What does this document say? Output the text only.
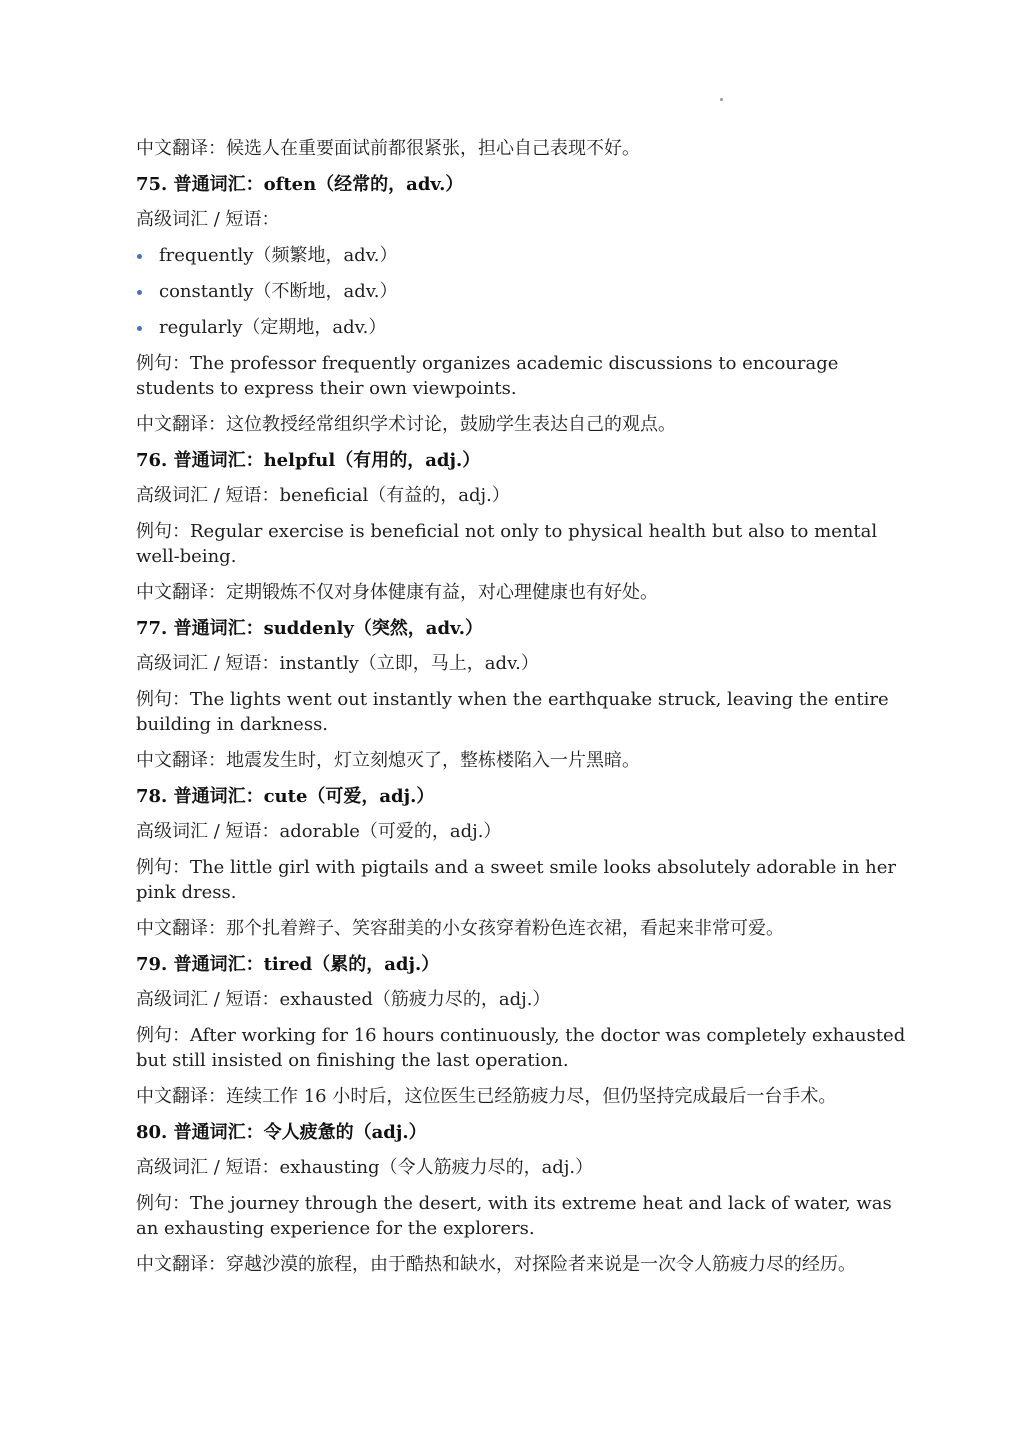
中文翻译：候选人在重要面试前都很紧张，担心自己表现不好。
75. 普通词汇：often（经常的，adv.）
高级词汇 / 短语：
frequently（频繁地，adv.）
constantly（不断地，adv.）
regularly（定期地，adv.）
例句：The professor frequently organizes academic discussions to encourage students to express their own viewpoints.
中文翻译：这位教授经常组织学术讨论，鼓励学生表达自己的观点。
76. 普通词汇：helpful（有用的，adj.）
高级词汇 / 短语：beneficial（有益的，adj.）
例句：Regular exercise is beneficial not only to physical health but also to mental well-being.
中文翻译：定期锻炼不仅对身体健康有益，对心理健康也有好处。
77. 普通词汇：suddenly（突然，adv.）
高级词汇 / 短语：instantly（立即，马上，adv.）
例句：The lights went out instantly when the earthquake struck, leaving the entire building in darkness.
中文翻译：地震发生时，灯立刻熄灭了，整栋楼陷入一片黑暗。
78. 普通词汇：cute（可爱，adj.）
高级词汇 / 短语：adorable（可爱的，adj.）
例句：The little girl with pigtails and a sweet smile looks absolutely adorable in her pink dress.
中文翻译：那个扎着辫子、笑容甜美的小女孩穿着粉色连衣裙，看起来非常可爱。
79. 普通词汇：tired（累的，adj.）
高级词汇 / 短语：exhausted（筋疲力尽的，adj.）
例句：After working for 16 hours continuously, the doctor was completely exhausted but still insisted on finishing the last operation.
中文翻译：连续工作 16 小时后，这位医生已经筋疲力尽，但仍坚持完成最后一台手术。
80. 普通词汇：令人疲惫的（adj.）
高级词汇 / 短语：exhausting（令人筋疲力尽的，adj.）
例句：The journey through the desert, with its extreme heat and lack of water, was an exhausting experience for the explorers.
中文翻译：穿越沙漠的旅程，由于酷热和缺水，对探险者来说是一次令人筋疲力尽的经历。
